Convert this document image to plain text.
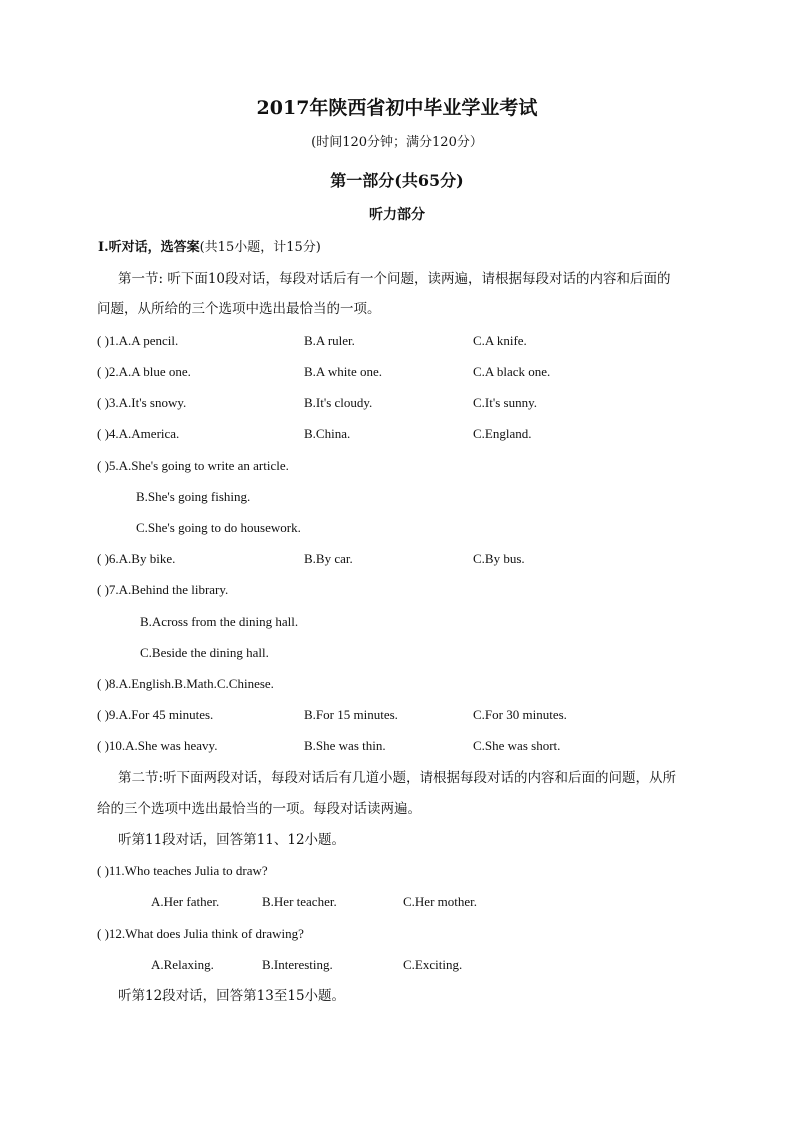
2017年陕西省初中毕业学业考试
(时间120分钟；满分120分）
第一部分(共65分)
听力部分
I.听对话，选答案(共15小题，计15分)
第一节: 听下面10段对话，每段对话后有一个问题，读两遍，请根据每段对话的内容和后面的
问题，从所给的三个选项中选出最恰当的一项。
( )1.A.A pencil.	B.A ruler.	C.A knife.
( )2.A.A blue one.	B.A white one.	C.A black one.
( )3.A.It's snowy.	B.It's cloudy.	C.It's sunny.
( )4.A.America.	B.China.	C.England.
( )5.A.She's going to write an article.
B.She's going fishing.
C.She's going to do housework.
( )6.A.By bike.	B.By car.	C.By bus.
( )7.A.Behind the library.
B.Across from the dining hall.
C.Beside the dining hall.
( )8.A.English.B.Math.C.Chinese.
( )9.A.For 45 minutes.	B.For 15 minutes.	C.For 30 minutes.
( )10.A.She was heavy.	B.She was thin.	C.She was short.
第二节:听下面两段对话，每段对话后有几道小题，请根据每段对话的内容和后面的问题，从所
给的三个选项中选出最恰当的一项。每段对话读两遍。
听第11段对话，回答第11、12小题。
( )11.Who teaches Julia to draw?
A.Her father.	B.Her teacher.	C.Her mother.
( )12.What does Julia think of drawing?
A.Relaxing.	B.Interesting.	C.Exciting.
听第12段对话，回答第13至15小题。
